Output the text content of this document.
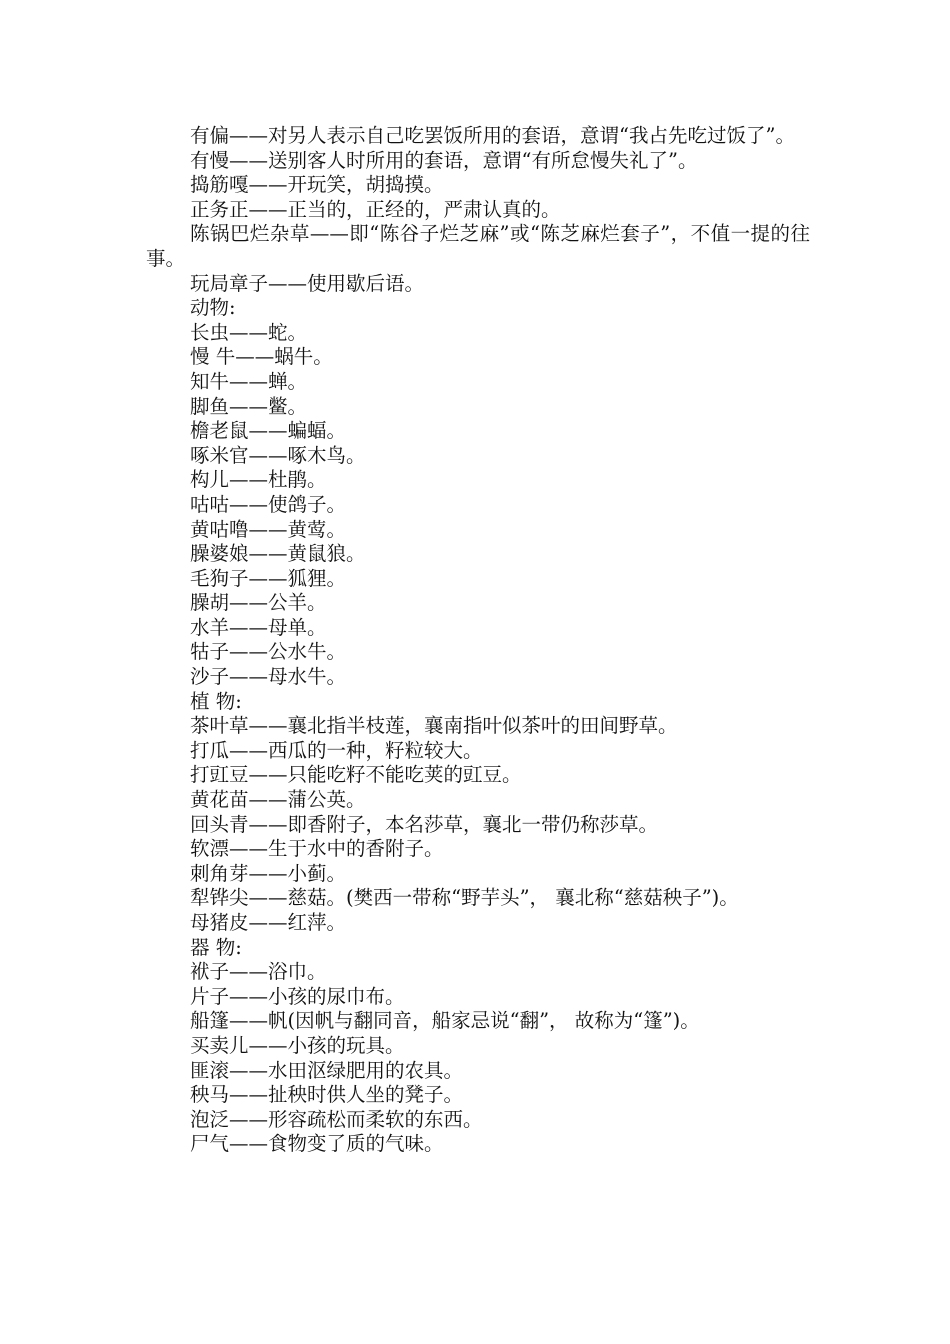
有偏——对另人表示自己吃罢饭所用的套语，意谓“我占先吃过饭了”。

有慢——送别客人时所用的套语，意谓“有所怠慢失礼了”。

捣筋嘎——开玩笑，胡捣摸。

正务正——正当的，正经的，严肃认真的。

陈锅巴烂杂草——即“陈谷子烂芝麻”或“陈芝麻烂套子”，不值一提的往事。

玩局章子——使用歇后语。

动物:

长虫——蛇。

慢 牛——蜗牛。

知牛——蝉。

脚鱼——鳖。

檐老鼠——蝙蝠。

啄米官——啄木鸟。

构儿——杜鹃。

咕咕——使鸽子。

黄咕噜——黄莺。

臊婆娘——黄鼠狼。

毛狗子——狐狸。

臊胡——公羊。

水羊——母单。

牯子——公水牛。

沙子——母水牛。

植 物:

茶叶草——襄北指半枝莲，襄南指叶似茶叶的田间野草。

打瓜——西瓜的一种，籽粒较大。

打豇豆——只能吃籽不能吃荚的豇豆。

黄花苗——蒲公英。

回头青——即香附子，本名莎草，襄北一带仍称莎草。

软漂——生于水中的香附子。

刺角芽——小蓟。

犁铧尖——慈菇。(樊西一带称“野芋头”， 襄北称“慈菇秧子”)。

母猪皮——红萍。

器 物:

袱子——浴巾。

片子——小孩的尿巾布。

船篷——帆(因帆与翻同音，船家忌说“翻”， 故称为“篷”)。

买卖儿——小孩的玩具。

匪滚——水田沤绿肥用的农具。

秧马——扯秧时供人坐的凳子。

泡泛——形容疏松而柔软的东西。

尸气——食物变了质的气味。
